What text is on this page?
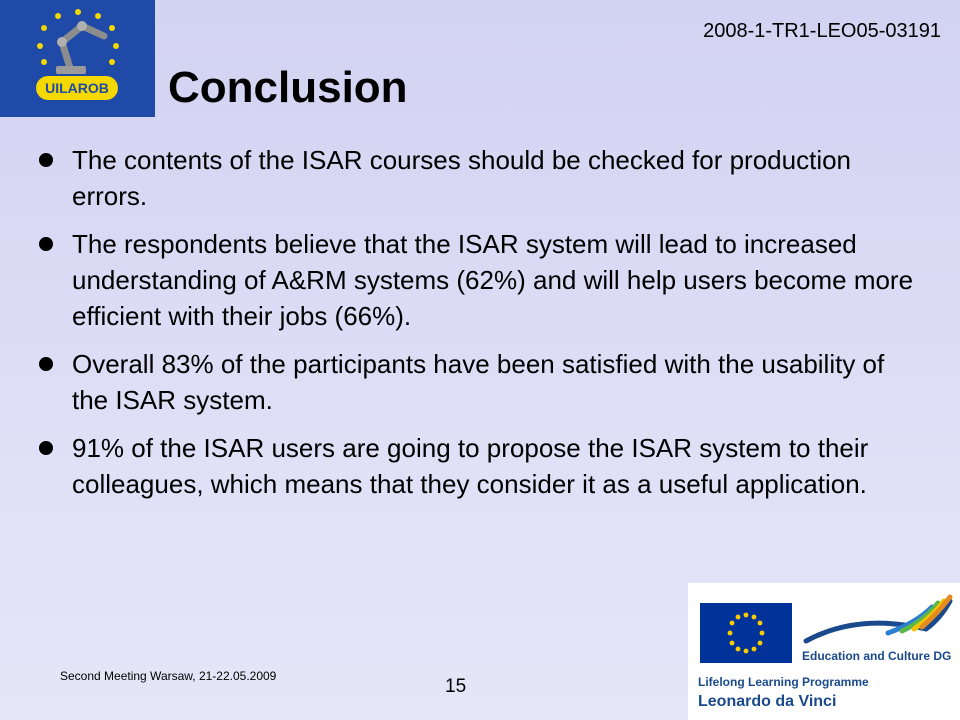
UILAROB
2008-1-TR1-LEO05-03191
Conclusion
The contents of the ISAR courses should be checked for production errors.
The respondents believe that the ISAR system will lead to increased understanding of A&RM systems (62%) and will help users become more efficient with their jobs (66%).
Overall 83% of the participants have been satisfied with the usability of the ISAR system.
91% of the ISAR users are going to propose the ISAR system to their colleagues, which means that they consider it as a useful application.
Second Meeting Warsaw, 21-22.05.2009	15
Education and Culture DG
Lifelong Learning Programme
Leonardo da Vinci
